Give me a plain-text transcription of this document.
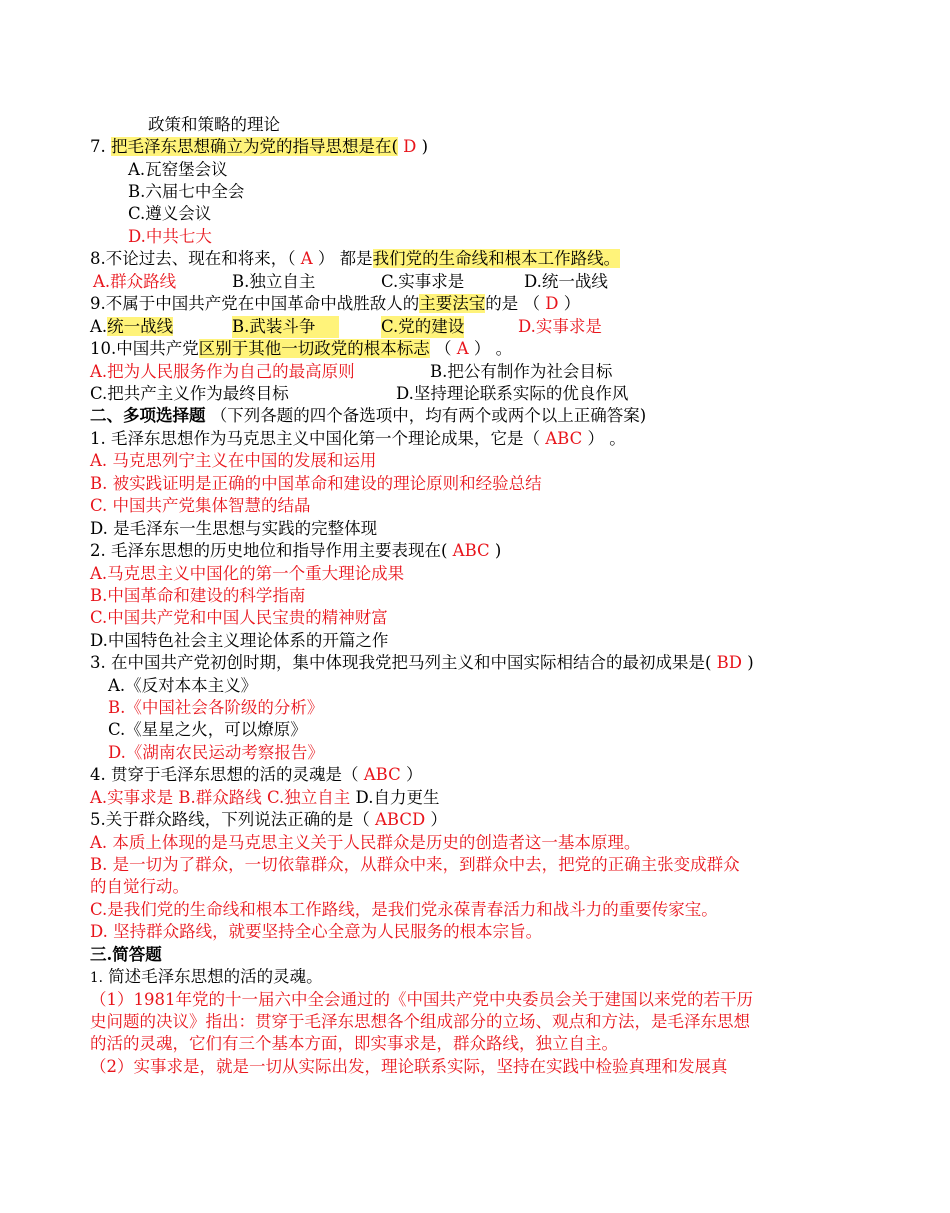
政策和策略的理论
7. 把毛泽东思想确立为党的指导思想是在( D )
A.瓦窑堡会议
B.六届七中全会
C.遵义会议
D.中共七大
8.不论过去、现在和将来，（ A ） 都是我们党的生命线和根本工作路线。
A.群众路线	B.独立自主	C.实事求是	D.统一战线
9.不属于中国共产党在中国革命中战胜敌人的主要法宝的是 （ D ）
A.统一战线	B.武装斗争	C.党的建设	D.实事求是
10.中国共产党区别于其他一切政党的根本标志 （ A ） 。
A.把为人民服务作为自己的最高原则	B.把公有制作为社会目标
C.把共产主义作为最终目标	D.坚持理论联系实际的优良作风
二、多项选择题 （下列各题的四个备选项中，均有两个或两个以上正确答案)
1. 毛泽东思想作为马克思主义中国化第一个理论成果，它是（ ABC ） 。
A. 马克思列宁主义在中国的发展和运用
B. 被实践证明是正确的中国革命和建设的理论原则和经验总结
C. 中国共产党集体智慧的结晶
D. 是毛泽东一生思想与实践的完整体现
2. 毛泽东思想的历史地位和指导作用主要表现在( ABC )
A.马克思主义中国化的第一个重大理论成果
B.中国革命和建设的科学指南
C.中国共产党和中国人民宝贵的精神财富
D.中国特色社会主义理论体系的开篇之作
3. 在中国共产党初创时期，集中体现我党把马列主义和中国实际相结合的最初成果是( BD )
A.《反对本本主义》
B.《中国社会各阶级的分析》
C.《星星之火，可以燎原》
D.《湖南农民运动考察报告》
4. 贯穿于毛泽东思想的活的灵魂是（ ABC ）
A.实事求是 B.群众路线 C.独立自主 D.自力更生
5.关于群众路线，下列说法正确的是（ ABCD ）
A. 本质上体现的是马克思主义关于人民群众是历史的创造者这一基本原理。
B. 是一切为了群众，一切依靠群众，从群众中来，到群众中去，把党的正确主张变成群众
的自觉行动。
C.是我们党的生命线和根本工作路线，是我们党永葆青春活力和战斗力的重要传家宝。
D. 坚持群众路线，就要坚持全心全意为人民服务的根本宗旨。
三.简答题
1. 简述毛泽东思想的活的灵魂。
（1）1981年党的十一届六中全会通过的《中国共产党中央委员会关于建国以来党的若干历
史问题的决议》指出：贯穿于毛泽东思想各个组成部分的立场、观点和方法，是毛泽东思想
的活的灵魂，它们有三个基本方面，即实事求是，群众路线，独立自主。
（2）实事求是，就是一切从实际出发，理论联系实际，坚持在实践中检验真理和发展真
